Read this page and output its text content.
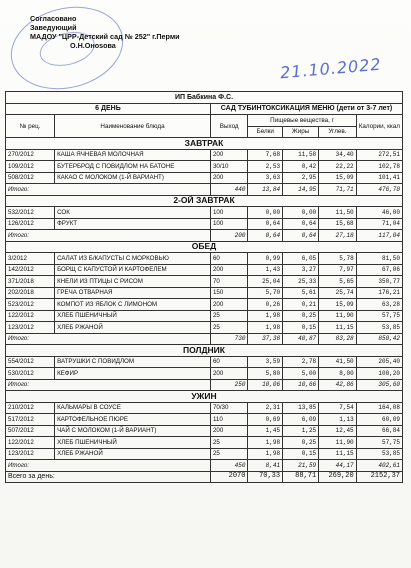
Согласовано
Заведующий
МАДОУ "ЦРР-Детский сад № 252" г.Перми
О.Н.Онosова
21.10.2022
ИП Бабкина Ф.С.						
6 ДЕНЬ		САД ТУБИНТОКСИКАЦИЯ МЕНЮ (дети от 3-7 лет)				
№ рец.	Наименование блюда	Выход	Пищевые вещества, г			Калории, ккал
			Белки	Жиры	Углев.	
ЗАВТРАК						
270/2012	КАША ЯЧНЕВАЯ МОЛОЧНАЯ	200	7,68	11,58	34,40	272,51
109/2012	БУТЕРБРОД С ПОВИДЛОМ НА БАТОНЕ	30/10	2,53	0,42	22,22	102,78
508/2012	КАКАО С МОЛОКОМ (1-Й ВАРИАНТ)	200	3,63	2,95	15,09	101,41
Итого:		440	13,84	14,95	71,71	476,70
2-ОЙ ЗАВТРАК						
532/2012	СОК	100	0,00	0,00	11,50	46,00
126/2012	ФРУКТ	100	0,64	0,64	15,68	71,04
Итого:		200	0,64	0,64	27,18	117,04
ОБЕД						
3/2012	САЛАТ ИЗ Б/КАПУСТЫ С МОРКОВЬЮ	60	0,99	6,05	5,78	81,50
142/2012	БОРЩ С КАПУСТОЙ И КАРТОФЕЛЕМ	200	1,43	3,27	7,97	67,06
371/2018	КНЕЛИ ИЗ ПТИЦЫ С РИСОМ	70	25,04	25,33	5,65	350,77
202/2018	ГРЕЧА ОТВАРНАЯ	150	5,70	5,61	25,74	176,21
523/2012	КОМПОТ ИЗ ЯБЛОК С ЛИМОНОМ	200	0,26	0,21	15,09	63,28
122/2012	ХЛЕБ ПШЕНИЧНЫЙ	25	1,98	0,25	11,90	57,75
123/2012	ХЛЕБ РЖАНОЙ	25	1,98	0,15	11,15	53,85
Итого:		730	37,38	40,87	83,28	850,42
ПОЛДНИК						
554/2012	ВАТРУШКИ С ПОВИДЛОМ	60	3,59	2,78	41,50	205,40
530/2012	КЕФИР	200	5,80	5,00	8,00	100,20
Итого:		250	10,06	10,66	42,86	305,60
УЖИН						
210/2012	КАЛЬМАРЫ В СОУСЕ	70/30	2,31	13,85	7,54	164,08
517/2012	КАРТОФЕЛЬНОЕ ПЮРЕ	110	0,69	6,09	1,13	60,09
507/2012	ЧАЙ С МОЛОКОМ (1-Й ВАРИАНТ)	200	1,45	1,25	12,45	66,84
122/2012	ХЛЕБ ПШЕНИЧНЫЙ	25	1,98	0,25	11,90	57,75
123/2012	ХЛЕБ РЖАНОЙ	25	1,98	0,15	11,15	53,85
Итого:		450	8,41	21,59	44,17	402,61
Всего за день:		2070	70,33	88,71	269,20	2152,37
